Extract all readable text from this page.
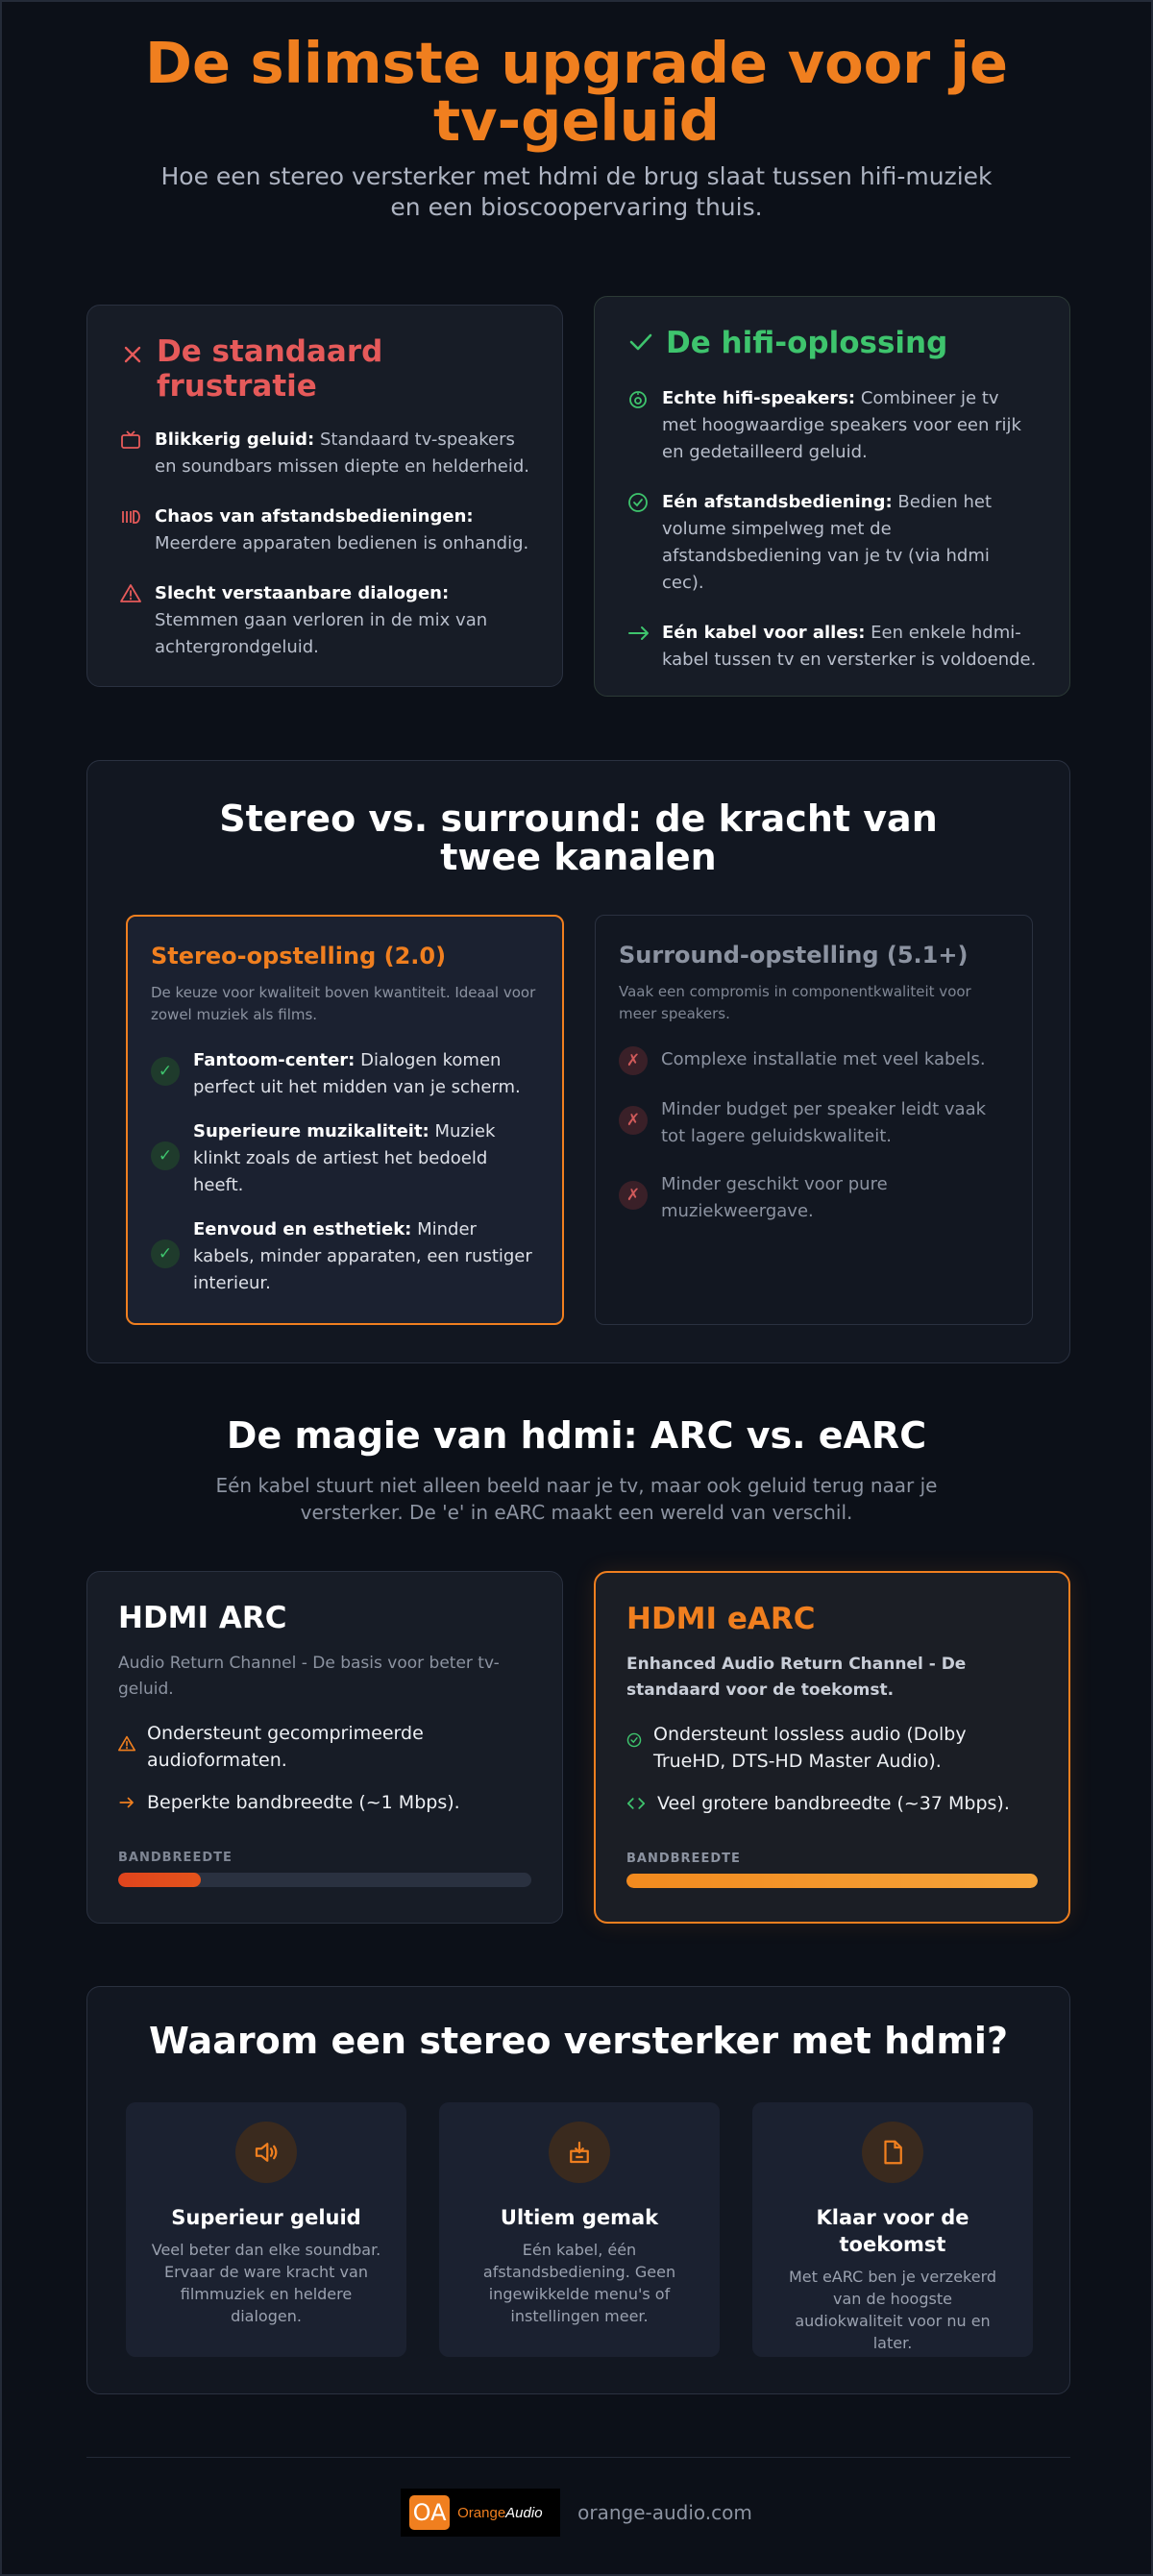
De slimste upgrade voor je tv-geluid

Hoe een stereo versterker met hdmi de brug slaat tussen hifi-muziek en een bioscoopervaring thuis.

De standaard frustratie
Blikkerig geluid: Standaard tv-speakers en soundbars missen diepte en helderheid.
Chaos van afstandsbedieningen: Meerdere apparaten bedienen is onhandig.
Slecht verstaanbare dialogen: Stemmen gaan verloren in de mix van achtergrondgeluid.
De hifi-oplossing
Echte hifi-speakers: Combineer je tv met hoogwaardige speakers voor een rijk en gedetailleerd geluid.
Eén afstandsbediening: Bedien het volume simpelweg met de afstandsbediening van je tv (via hdmi cec).
Eén kabel voor alles: Een enkele hdmi-kabel tussen tv en versterker is voldoende.
Stereo vs. surround: de kracht van twee kanalen
Stereo-opstelling (2.0)

De keuze voor kwaliteit boven kwantiteit. Ideaal voor zowel muziek als films.

✓
Fantoom-center: Dialogen komen perfect uit het midden van je scherm.
✓
Superieure muzikaliteit: Muziek klinkt zoals de artiest het bedoeld heeft.
✓
Eenvoud en esthetiek: Minder kabels, minder apparaten, een rustiger interieur.
Surround-opstelling (5.1+)

Vaak een compromis in componentkwaliteit voor meer speakers.

✗	Complexe installatie met veel kabels.
✗
Minder budget per speaker leidt vaak tot lagere geluidskwaliteit.
✗
Minder geschikt voor pure muziekweergave.
De magie van hdmi: ARC vs. eARC

Eén kabel stuurt niet alleen beeld naar je tv, maar ook geluid terug naar je versterker. De 'e' in eARC maakt een wereld van verschil.

HDMI ARC

Audio Return Channel - De basis voor beter tv-geluid.

Ondersteunt gecomprimeerde audioformaten.
Beperkte bandbreedte (~1 Mbps).
BANDBREEDTE
HDMI eARC

Enhanced Audio Return Channel - De standaard voor de toekomst.

Ondersteunt lossless audio (Dolby TrueHD, DTS-HD Master Audio).
Veel grotere bandbreedte (~37 Mbps).
BANDBREEDTE
Waarom een stereo versterker met hdmi?
Superieur geluid

Veel beter dan elke soundbar. Ervaar de ware kracht van filmmuziek en heldere dialogen.

Ultiem gemak

Eén kabel, één afstandsbediening. Geen ingewikkelde menu's of instellingen meer.

Klaar voor de toekomst

Met eARC ben je verzekerd van de hoogste audiokwaliteit voor nu en later.

OA OrangeAudio orange-audio.com
